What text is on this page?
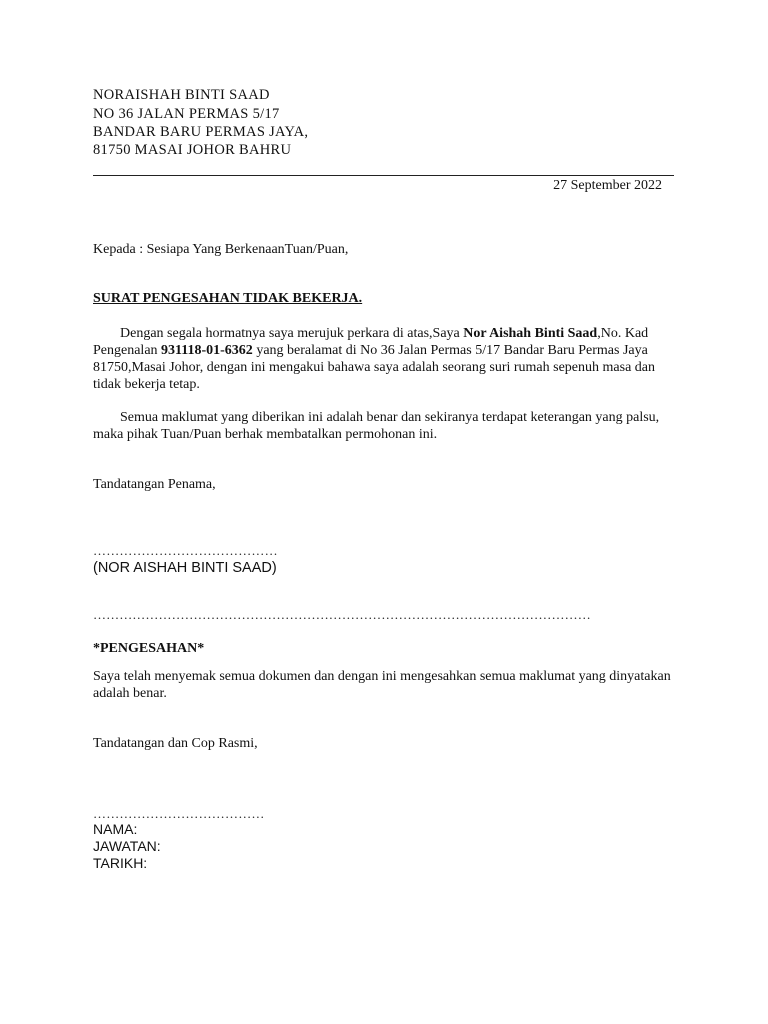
NORAISHAH BINTI SAAD
NO 36 JALAN PERMAS 5/17
BANDAR BARU PERMAS JAYA,
81750 MASAI JOHOR BAHRU
27 September 2022
Kepada : Sesiapa Yang BerkenaanTuan/Puan,
SURAT PENGESAHAN TIDAK BEKERJA.
Dengan segala hormatnya saya merujuk perkara di atas,Saya Nor Aishah Binti Saad,No. Kad Pengenalan 931118-01-6362 yang beralamat di No 36 Jalan Permas 5/17 Bandar Baru Permas Jaya 81750,Masai Johor, dengan ini mengakui bahawa saya adalah seorang suri rumah sepenuh masa dan tidak bekerja tetap.
Semua maklumat yang diberikan ini adalah benar dan sekiranya terdapat keterangan yang palsu, maka pihak Tuan/Puan berhak membatalkan permohonan ini.
Tandatangan Penama,
……………………………………
(NOR AISHAH BINTI SAAD)
……………………………………………………………………………………………………
*PENGESAHAN*
Saya telah menyemak semua dokumen dan dengan ini mengesahkan semua maklumat yang dinyatakan adalah benar.
Tandatangan dan Cop Rasmi,
…………………………………
NAMA:
JAWATAN:
TARIKH:
